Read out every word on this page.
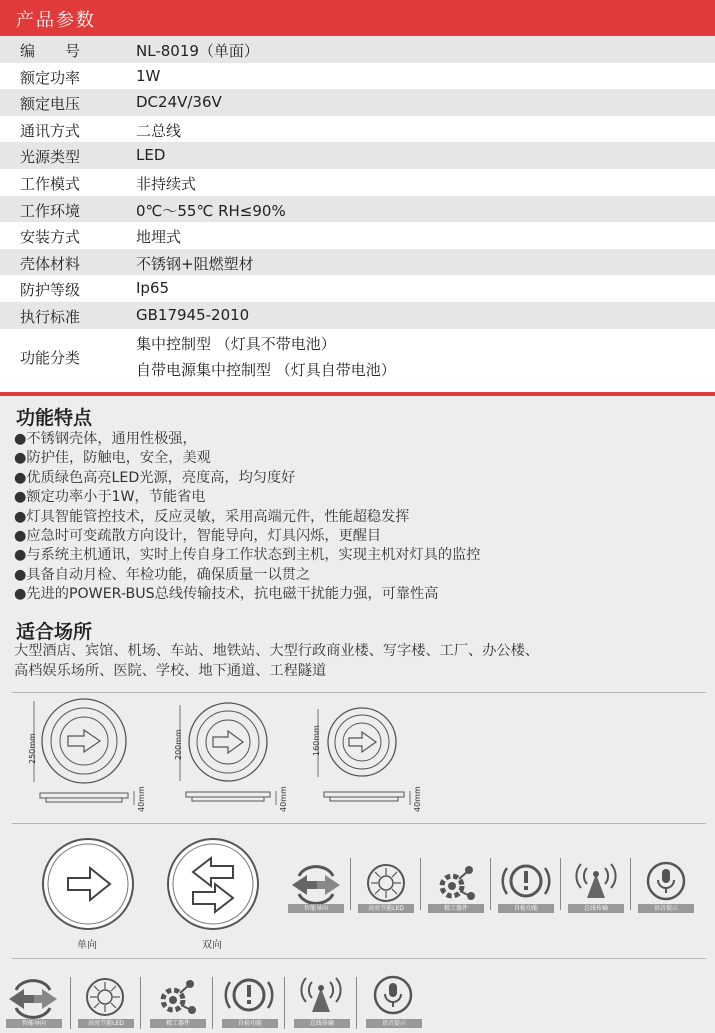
产品参数
编　　号	NL-8019（单面）
额定功率	1W
额定电压	DC24V/36V
通讯方式	二总线
光源类型	LED
工作模式	非持续式
工作环境	0℃～55℃ RH≤90%
安装方式	地埋式
壳体材料	不锈钢+阻燃塑材
防护等级	Ip65
执行标准	GB17945-2010
功能分类
集中控制型 （灯具不带电池）
自带电源集中控制型 （灯具自带电池）
功能特点
●不锈钢壳体，通用性极强，
●防护佳，防触电，安全，美观
●优质绿色高亮LED光源，亮度高，均匀度好
●额定功率小于1W，节能省电
●灯具智能管控技术，反应灵敏，采用高端元件，性能超稳发挥
●应急时可变疏散方向设计，智能导向，灯具闪烁，更醒目
●与系统主机通讯，实时上传自身工作状态到主机，实现主机对灯具的监控
●具备自动月检、年检功能，确保质量一以贯之
●先进的POWER-BUS总线传输技术，抗电磁干扰能力强，可靠性高
适合场所
大型酒店、宾馆、机场、车站、地铁站、大型行政商业楼、写字楼、工厂、办公楼、
高档娱乐场所、医院、学校、地下通道、工程隧道
250mm	200mm	160mm
40mm	40mm	40mm
单向	双向
智能导向	高亮节能LED	精工器件	自检功能	总线传输	语音提示
智能导向	高亮节能LED	精工器件	自检功能	总线传输	语音提示
